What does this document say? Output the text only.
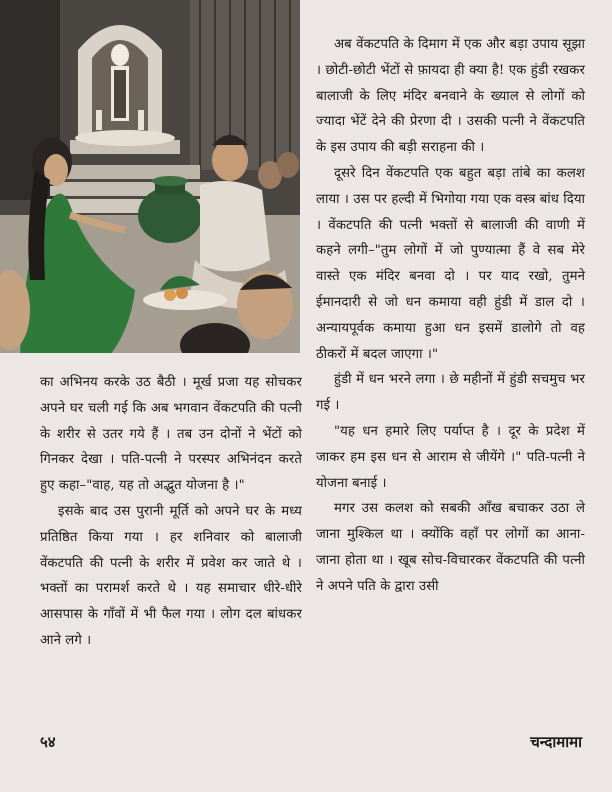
का अभिनय करके उठ बैठी । मूर्ख प्रजा यह सोचकर अपने घर चली गई कि अब भगवान वेंकटपति की पत्नी के शरीर से उतर गये हैं । तब उन दोनों ने भेंटों को गिनकर देखा । पति-पत्नी ने परस्पर अभिनंदन करते हुए कहा–"वाह, यह तो अद्भुत योजना है ।"

इसके बाद उस पुरानी मूर्ति को अपने घर के मध्य प्रतिष्ठित किया गया । हर शनिवार को बालाजी वेंकटपति की पत्नी के शरीर में प्रवेश कर जाते थे । भक्तों का परामर्श करते थे । यह समाचार धीरे-धीरे आसपास के गाँवों में भी फैल गया । लोग दल बांधकर आने लगे ।

अब वेंकटपति के दिमाग में एक और बड़ा उपाय सूझा । छोटी-छोटी भेंटों से फ़ायदा ही क्या है! एक हुंडी रखकर बालाजी के लिए मंदिर बनवाने के ख्याल से लोगों को ज्यादा भेंटें देने की प्रेरणा दी । उसकी पत्नी ने वेंकटपति के इस उपाय की बड़ी सराहना की ।

दूसरे दिन वेंकटपति एक बहुत बड़ा तांबे का कलश लाया । उस पर हल्दी में भिगोया गया एक वस्त्र बांध दिया । वेंकटपति की पत्नी भक्तों से बालाजी की वाणी में कहने लगी–"तुम लोगों में जो पुण्यात्मा हैं वे सब मेरे वास्ते एक मंदिर बनवा दो । पर याद रखो, तुमने ईमानदारी से जो धन कमाया वही हुंडी में डाल दो । अन्यायपूर्वक कमाया हुआ धन इसमें डालोगे तो वह ठीकरों में बदल जाएगा ।"

हुंडी में धन भरने लगा । छे महीनों में हुंडी सचमुच भर गई ।

"यह धन हमारे लिए पर्याप्त है । दूर के प्रदेश में जाकर हम इस धन से आराम से जीयेंगे ।" पति-पत्नी ने योजना बनाई ।

मगर उस कलश को सबकी आँख बचाकर उठा ले जाना मुश्किल था । क्योंकि वहाँ पर लोगों का आना-जाना होता था । खूब सोच-विचारकर वेंकटपति की पत्नी ने अपने पति के द्वारा उसी

५४	चन्दामामा
